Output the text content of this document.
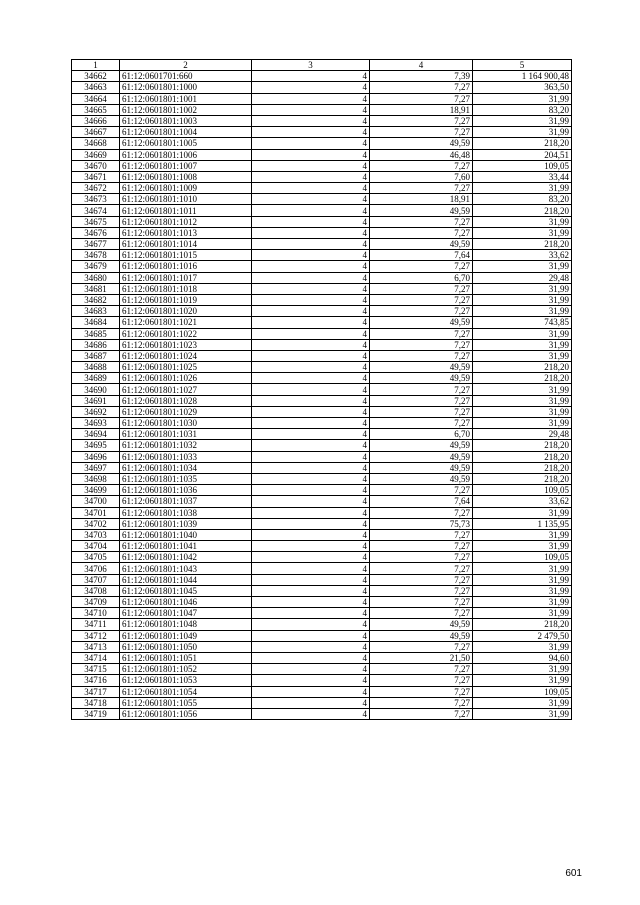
1	2	3	4	5
34662	61:12:0601701:660	4	7,39	1 164 900,48
34663	61:12:0601801:1000	4	7,27	363,50
34664	61:12:0601801:1001	4	7,27	31,99
34665	61:12:0601801:1002	4	18,91	83,20
34666	61:12:0601801:1003	4	7,27	31,99
34667	61:12:0601801:1004	4	7,27	31,99
34668	61:12:0601801:1005	4	49,59	218,20
34669	61:12:0601801:1006	4	46,48	204,51
34670	61:12:0601801:1007	4	7,27	109,05
34671	61:12:0601801:1008	4	7,60	33,44
34672	61:12:0601801:1009	4	7,27	31,99
34673	61:12:0601801:1010	4	18,91	83,20
34674	61:12:0601801:1011	4	49,59	218,20
34675	61:12:0601801:1012	4	7,27	31,99
34676	61:12:0601801:1013	4	7,27	31,99
34677	61:12:0601801:1014	4	49,59	218,20
34678	61:12:0601801:1015	4	7,64	33,62
34679	61:12:0601801:1016	4	7,27	31,99
34680	61:12:0601801:1017	4	6,70	29,48
34681	61:12:0601801:1018	4	7,27	31,99
34682	61:12:0601801:1019	4	7,27	31,99
34683	61:12:0601801:1020	4	7,27	31,99
34684	61:12:0601801:1021	4	49,59	743,85
34685	61:12:0601801:1022	4	7,27	31,99
34686	61:12:0601801:1023	4	7,27	31,99
34687	61:12:0601801:1024	4	7,27	31,99
34688	61:12:0601801:1025	4	49,59	218,20
34689	61:12:0601801:1026	4	49,59	218,20
34690	61:12:0601801:1027	4	7,27	31,99
34691	61:12:0601801:1028	4	7,27	31,99
34692	61:12:0601801:1029	4	7,27	31,99
34693	61:12:0601801:1030	4	7,27	31,99
34694	61:12:0601801:1031	4	6,70	29,48
34695	61:12:0601801:1032	4	49,59	218,20
34696	61:12:0601801:1033	4	49,59	218,20
34697	61:12:0601801:1034	4	49,59	218,20
34698	61:12:0601801:1035	4	49,59	218,20
34699	61:12:0601801:1036	4	7,27	109,05
34700	61:12:0601801:1037	4	7,64	33,62
34701	61:12:0601801:1038	4	7,27	31,99
34702	61:12:0601801:1039	4	75,73	1 135,95
34703	61:12:0601801:1040	4	7,27	31,99
34704	61:12:0601801:1041	4	7,27	31,99
34705	61:12:0601801:1042	4	7,27	109,05
34706	61:12:0601801:1043	4	7,27	31,99
34707	61:12:0601801:1044	4	7,27	31,99
34708	61:12:0601801:1045	4	7,27	31,99
34709	61:12:0601801:1046	4	7,27	31,99
34710	61:12:0601801:1047	4	7,27	31,99
34711	61:12:0601801:1048	4	49,59	218,20
34712	61:12:0601801:1049	4	49,59	2 479,50
34713	61:12:0601801:1050	4	7,27	31,99
34714	61:12:0601801:1051	4	21,50	94,60
34715	61:12:0601801:1052	4	7,27	31,99
34716	61:12:0601801:1053	4	7,27	31,99
34717	61:12:0601801:1054	4	7,27	109,05
34718	61:12:0601801:1055	4	7,27	31,99
34719	61:12:0601801:1056	4	7,27	31,99
601
